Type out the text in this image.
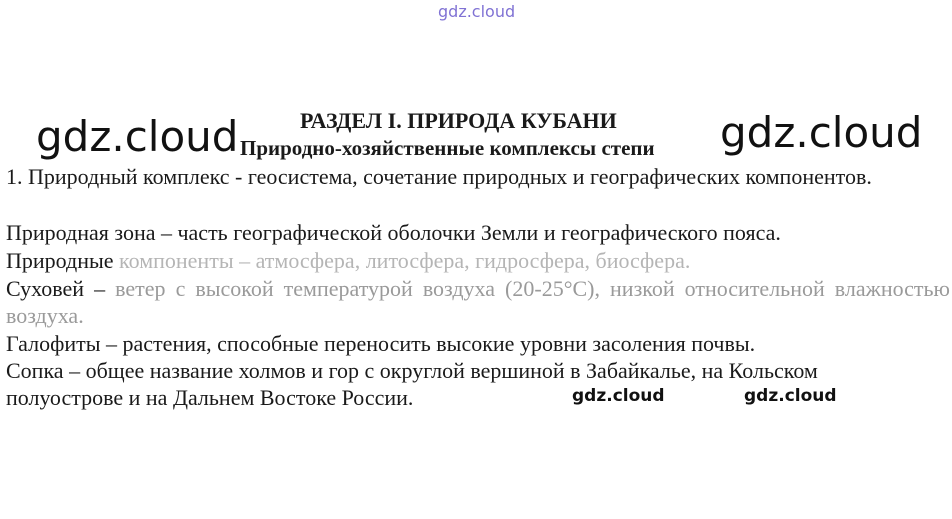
gdz.cloud
РАЗДЕЛ I. ПРИРОДА КУБАНИ
Природно-хозяйственные комплексы степи
gdz.cloud	gdz.cloud
1. Природный комплекс - геосистема, сочетание природных и географических компонентов.
Природная зона – часть географической оболочки Земли и географического пояса.
Природные компоненты – атмосфера, литосфера, гидросфера, биосфера.
Суховей – ветер с высокой температурой воздуха (20-25°С), низкой относительной влажностью воздуха.
Галофиты – растения, способные переносить высокие уровни засоления почвы.
Сопка – общее название холмов и гор с округлой вершиной в Забайкалье, на Кольском полуострове и на Дальнем Востоке России.	gdz.cloud	gdz.cloud
